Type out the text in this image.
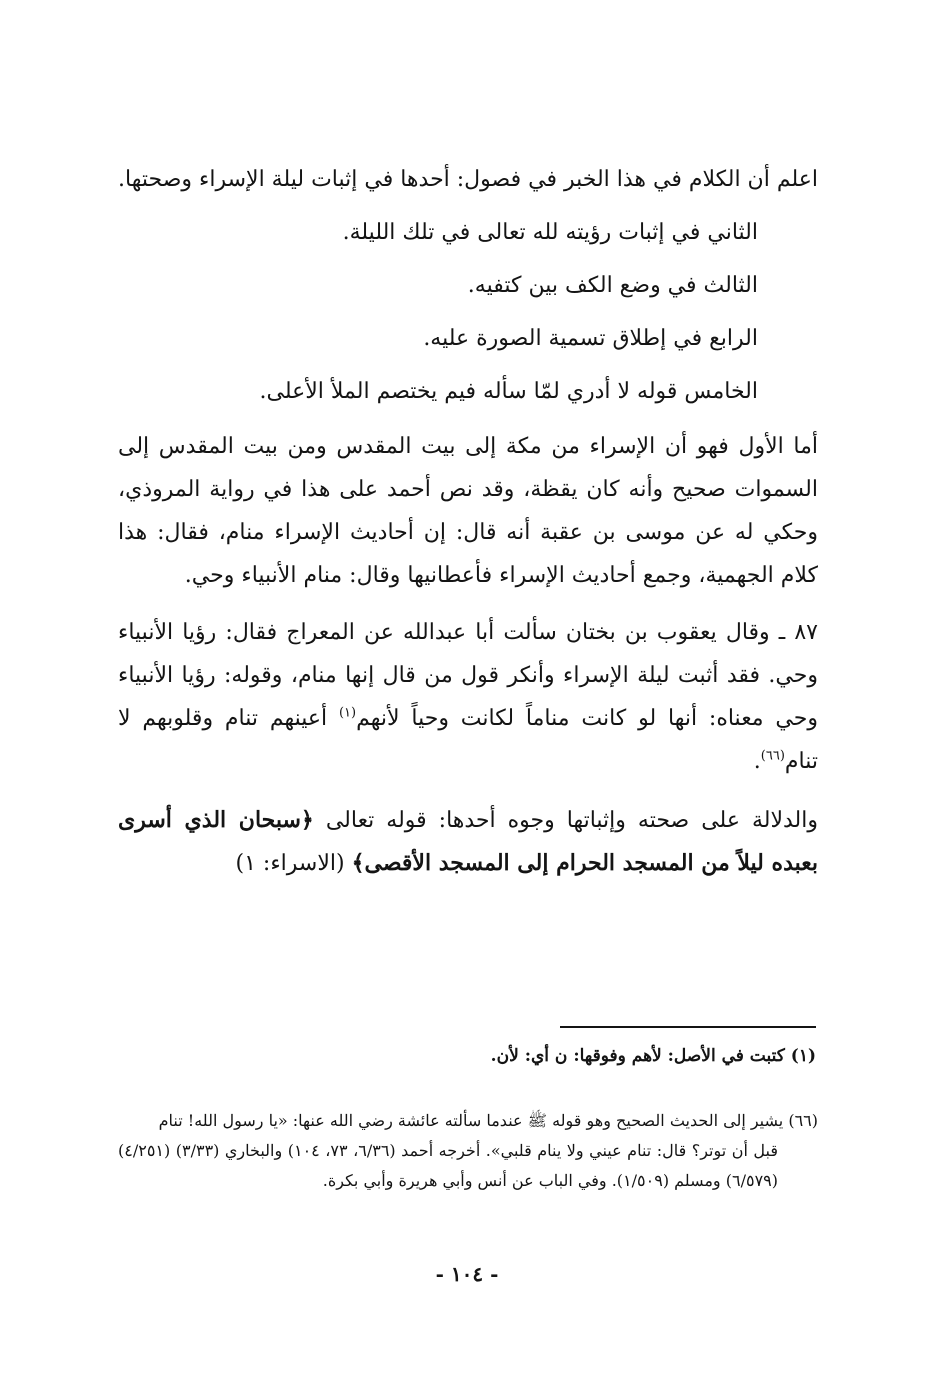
اعلم أن الكلام في هذا الخبر في فصول: أحدها في إثبات ليلة الإسراء وصحتها.

الثاني في إثبات رؤيته لله تعالى في تلك الليلة.

الثالث في وضع الكف بين كتفيه.

الرابع في إطلاق تسمية الصورة عليه.

الخامس قوله لا أدري لمّا سأله فيم يختصم الملأ الأعلى.

أما الأول فهو أن الإسراء من مكة إلى بيت المقدس ومن بيت المقدس إلى السموات صحيح وأنه كان يقظة، وقد نص أحمد على هذا في رواية المروذي، وحكي له عن موسى بن عقبة أنه قال: إن أحاديث الإسراء منام، فقال: هذا كلام الجهمية، وجمع أحاديث الإسراء فأعطانيها وقال: منام الأنبياء وحي.

٨٧ ـ وقال يعقوب بن بختان سألت أبا عبدالله عن المعراج فقال: رؤيا الأنبياء وحي. فقد أثبت ليلة الإسراء وأنكر قول من قال إنها منام، وقوله: رؤيا الأنبياء وحي معناه: أنها لو كانت مناماً لكانت وحياً لأنهم$^{(١)}$ أعينهم تنام وقلوبهم لا تنام$^{(٦٦)}$.

والدلالة على صحته وإثباتها وجوه أحدها: قوله تعالى ﴿سبحان الذي أسرى بعبده ليلاً من المسجد الحرام إلى المسجد الأقصى﴾ (الاسراء: ١)

(١) كتبت في الأصل: لأهم وفوقها: ن أي: لأن.
(٦٦) يشير إلى الحديث الصحيح وهو قوله ﷺ عندما سألته عائشة رضي الله عنها: «يا رسول الله! تنام
قبل أن توتر؟ قال: تنام عيني ولا ينام قلبي». أخرجه أحمد (٦/٣٦، ٧٣، ١٠٤) والبخاري (٣/٣٣) (٤/٢٥١) (٦/٥٧٩) ومسلم (١/٥٠٩). وفي الباب عن أنس وأبي هريرة وأبي بكرة.
- ١٠٤ -
